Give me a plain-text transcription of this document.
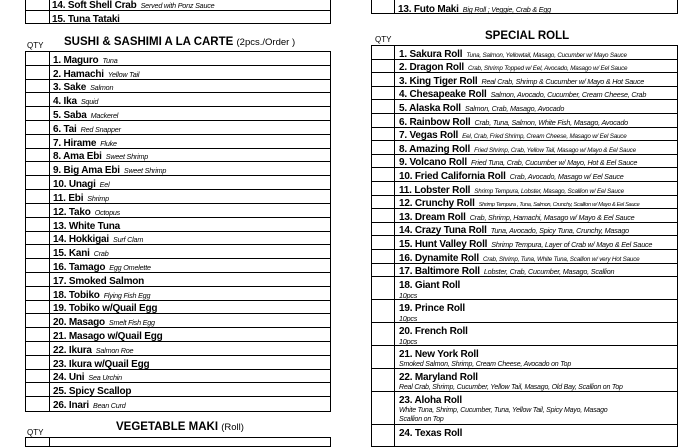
14. Soft Shell Crab Served with Ponz Sauce
15. Tuna Tataki
13. Futo Maki Big Roll ; Veggie, Crab & Egg
QTY SUSHI & SASHIMI A LA CARTE (2pcs./Order )
1. Maguro Tuna
2. Hamachi Yellow Tail
3. Sake Salmon
4. Ika Squid
5. Saba Mackerel
6. Tai Red Snapper
7. Hirame Fluke
8. Ama Ebi Sweet Shrimp
9. Big Ama Ebi Sweet Shrimp
10. Unagi Eel
11. Ebi Shrimp
12. Tako Octopus
13. White Tuna
14. Hokkigai Surf Clam
15. Kani Crab
16. Tamago Egg Omelette
17. Smoked Salmon
18. Tobiko Flying Fish Egg
19. Tobiko w/Quail Egg
20. Masago Smelt Fish Egg
21. Masago w/Quail Egg
22. Ikura Salmon Roe
23. Ikura w/Quail Egg
24. Uni Sea Urchin
25. Spicy Scallop
26. Inari Bean Curd
QTY	VEGETABLE MAKI (Roll)
QTY	SPECIAL ROLL
1. Sakura Roll Tuna, Salmon, Yellowtail, Masago, Cucumber w/ Mayo Sauce
2. Dragon Roll Crab, Shrimp Topped w/ Eel, Avocado, Masago w/ Eel Sauce
3. King Tiger Roll Real Crab, Shrimp & Cucumber w/ Mayo & Hot Sauce
4. Chesapeake Roll Salmon, Avocado, Cucumber, Cream Cheese, Crab
5. Alaska Roll Salmon, Crab, Masago, Avocado
6. Rainbow Roll Crab, Tuna, Salmon, White Fish, Masago, Avocado
7. Vegas Roll Eel, Crab, Fried Shrimp, Cream Cheese, Masago w/ Eel Sauce
8. Amazing Roll Fried Shrimp, Crab, Yellow Tail, Masago w/ Mayo & Eel Sauce
9. Volcano Roll Fried Tuna, Crab, Cucumber w/ Mayo, Hot & Eel Sauce
10. Fried California Roll Crab, Avocado, Masago w/ Eel Sauce
11. Lobster Roll Shrimp Tempura, Lobster, Masago, Scallion w/ Eel Sauce
12. Crunchy Roll Shrimp Tempura , Tuna, Salmon, Crunchy, Scallion w/ Mayo & Eel Sauce
13. Dream Roll Crab, Shrimp, Hamachi, Masago w/ Mayo & Eel Sauce
14. Crazy Tuna Roll Tuna, Avocado, Spicy Tuna, Crunchy, Masago
15. Hunt Valley Roll Shrimp Tempura, Layer of Crab w/ Mayo & Eel Sauce
16. Dynamite Roll Crab, Shrimp, Tuna, White Tuna, Scallion w/ very Hot Sauce
17. Baltimore Roll Lobster, Crab, Cucumber, Masago, Scallion
18. Giant Roll
10pcs
19. Prince Roll
10pcs
20. French Roll
10pcs
21. New York Roll
Smoked Salmon, Shrimp, Cream Cheese, Avocado on Top
22. Maryland Roll
Real Crab, Shrimp, Cucumber, Yellow Tail, Masago, Old Bay, Scallion on Top
23. Aloha Roll
White Tuna, Shrimp, Cucumber, Tuna, Yellow Tail, Spicy Mayo, Masago
Scallion on Top
24. Texas Roll
